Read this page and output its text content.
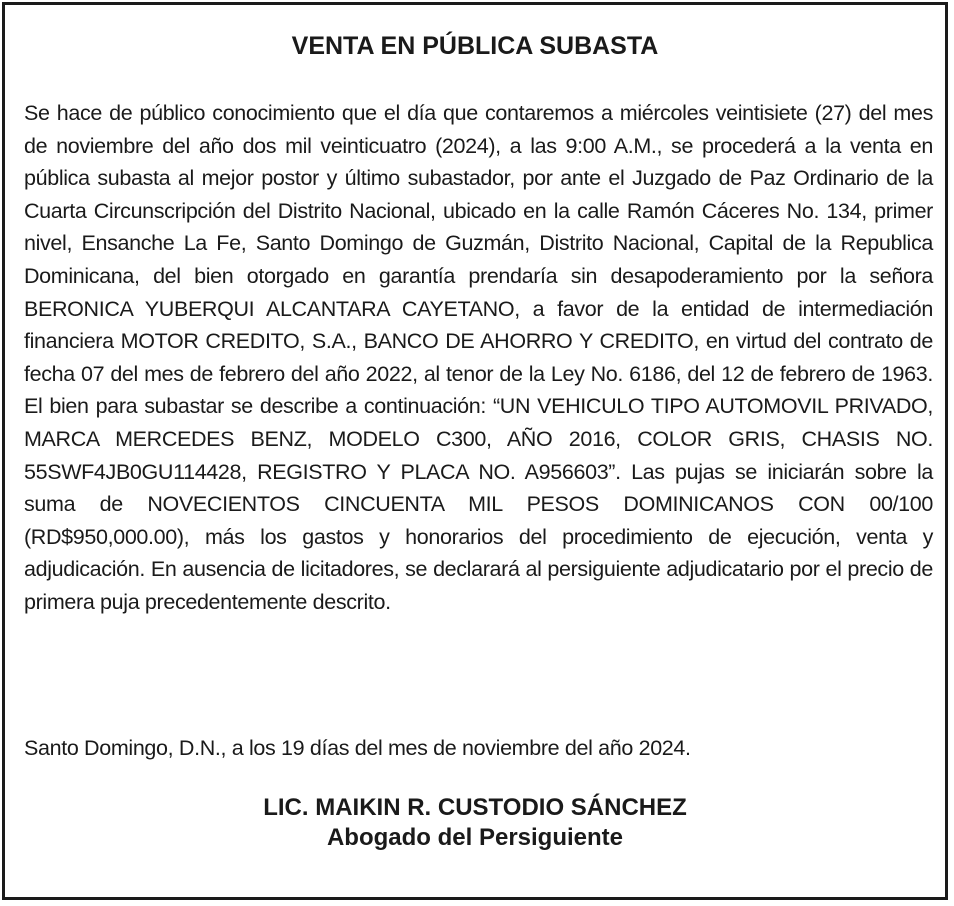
VENTA EN PÚBLICA SUBASTA

Se hace de público conocimiento que el día que contaremos a miércoles veintisiete (27) del mes de noviembre del año dos mil veinticuatro (2024), a las 9:00 A.M., se procederá a la venta en pública subasta al mejor postor y último subastador, por ante el Juzgado de Paz Ordinario de la Cuarta Circunscripción del Distrito Nacional, ubicado en la calle Ramón Cáceres No. 134, primer nivel, Ensanche La Fe, Santo Domingo de Guzmán, Distrito Nacional, Capital de la Republica Dominicana, del bien otorgado en garantía prendaría sin desapoderamiento por la señora BERONICA YUBERQUI ALCANTARA CAYETANO, a favor de la entidad de intermediación financiera MOTOR CREDITO, S.A., BANCO DE AHORRO Y CREDITO, en virtud del contrato de fecha 07 del mes de febrero del año 2022, al tenor de la Ley No. 6186, del 12 de febrero de 1963. El bien para subastar se describe a continuación: “UN VEHICULO TIPO AUTOMOVIL PRIVADO, MARCA MERCEDES BENZ, MODELO C300, AÑO 2016, COLOR GRIS, CHASIS NO. 55SWF4JB0GU114428, REGISTRO Y PLACA NO. A956603”. Las pujas se iniciarán sobre la suma de NOVECIENTOS CINCUENTA MIL PESOS DOMINICANOS CON 00/100 (RD$950,000.00), más los gastos y honorarios del procedimiento de ejecución, venta y adjudicación. En ausencia de licitadores, se declarará al persiguiente adjudicatario por el precio de primera puja precedentemente descrito.

Santo Domingo, D.N., a los 19 días del mes de noviembre del año 2024.

LIC. MAIKIN R. CUSTODIO SÁNCHEZ
Abogado del Persiguiente
